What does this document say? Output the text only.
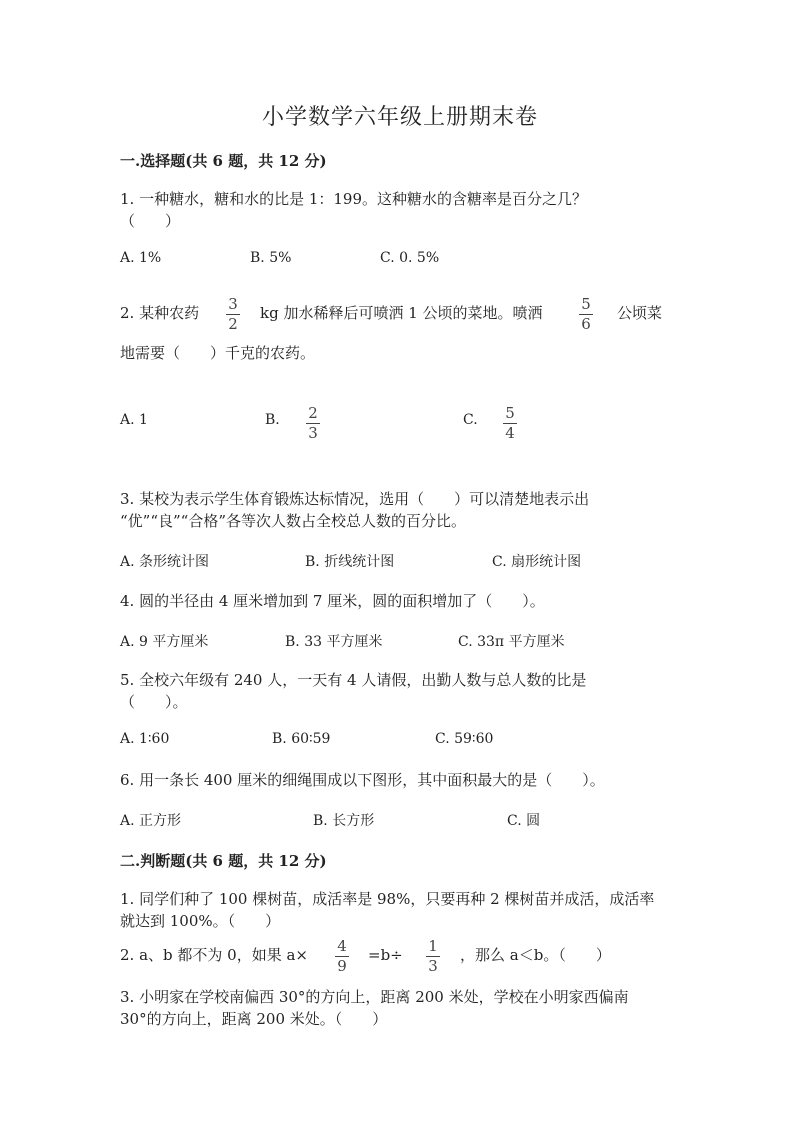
小学数学六年级上册期末卷
一.选择题(共 6 题，共 12 分)
1. 一种糖水，糖和水的比是 1：199。这种糖水的含糖率是百分之几？
（　　）
A. 1%	B. 5%	C. 0. 5%
2. 某种农药 3
2
kg 加水稀释后可喷洒 1 公顷的菜地。喷洒	5
6
公顷菜
地需要（　　）千克的农药。
A. 1	B. 2
3
C. 5
4
3. 某校为表示学生体育锻炼达标情况，选用（　　）可以清楚地表示出
“优”“良”“合格”各等次人数占全校总人数的百分比。
A. 条形统计图	B. 折线统计图	C. 扇形统计图
4. 圆的半径由 4 厘米增加到 7 厘米，圆的面积增加了（　　）。
A. 9 平方厘米	B. 33 平方厘米	C. 33π 平方厘米
5. 全校六年级有 240 人，一天有 4 人请假，出勤人数与总人数的比是
（　　）。
A. 1∶60	B. 60∶59	C. 59∶60
6. 用一条长 400 厘米的细绳围成以下图形，其中面积最大的是（　　）。
A. 正方形	B. 长方形	C. 圆
二.判断题(共 6 题，共 12 分)
1. 同学们种了 100 棵树苗，成活率是 98%，只要再种 2 棵树苗并成活，成活率
就达到 100%。（　　）
2. a、b 都不为 0，如果 a× 4
9
=b÷ 1
3
，那么 a＜b。（　　）
3. 小明家在学校南偏西 30°的方向上，距离 200 米处，学校在小明家西偏南
30°的方向上，距离 200 米处。（　　）
